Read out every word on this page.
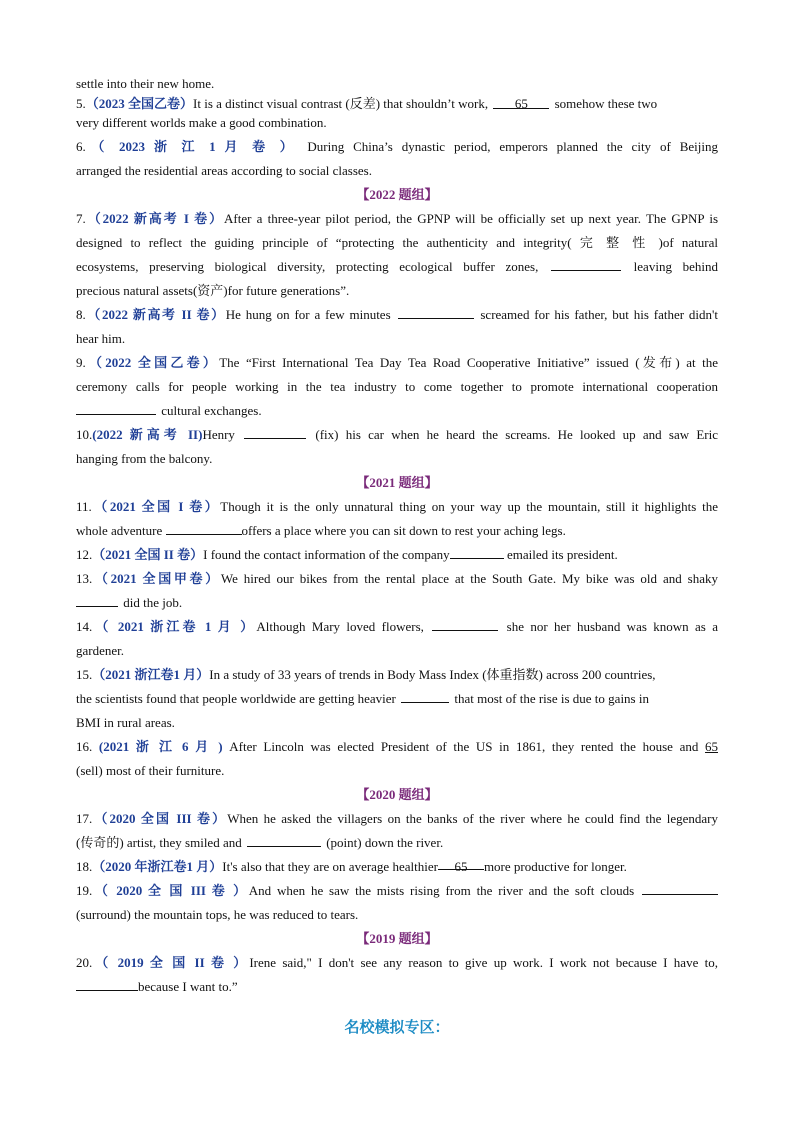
settle into their new home.
5.（2023 全国乙卷）It is a distinct visual contrast (反差) that shouldn’t work, 65 somehow these two
very different worlds make a good combination.
6.（ 2023 浙 江 1 月 卷 ） During China’s dynastic period, emperors planned the city of Beijing
arranged the residential areas according to social classes.
【2022 题组】
7.（2022 新高考 I 卷）After a three-year pilot period, the GPNP will be officially set up next year. The GPNP is
designed to reflect the guiding principle of “protecting the authenticity and integrity( 完 整 性 )of natural
ecosystems, preserving biological diversity, protecting ecological buffer zones,	leaving behind
precious natural assets(资产)for future generations”.
8.（2022 新高考 II 卷）He hung on for a few minutes	screamed for his father, but his father didn't
hear him.
9.（2022 全国乙卷）The “First International Tea Day Tea Road Cooperative Initiative” issued (发布) at the
ceremony calls for people working in the tea industry to come together to promote international cooperation
cultural exchanges.
10.(2022 新高考 II)Henry	(fix) his car when he heard the screams. He looked up and saw Eric
hanging from the balcony.
【2021 题组】
11.（2021 全国 I 卷）Though it is the only unnatural thing on your way up the mountain, still it highlights the
whole adventure	offers a place where you can sit down to rest your aching legs.
12.（2021 全国 II 卷）I found the contact information of the company	emailed its president.
13.（2021 全国甲卷）We hired our bikes from the rental place at the South Gate. My bike was old and shaky
did the job.
14.（ 2021 浙江卷 1 月 ）Although Mary loved flowers,	she nor her husband was known as a
gardener.
15.（2021 浙江卷1 月）In a study of 33 years of trends in Body Mass Index (体重指数) across 200 countries,
the scientists found that people worldwide are getting heavier	that most of the rise is due to gains in
BMI in rural areas.
16. (2021 浙 江 6 月 ) After Lincoln was elected President of the US in 1861, they rented the house and 65
(sell) most of their furniture.
【2020 题组】
17.（2020 全国 III 卷）When he asked the villagers on the banks of the river where he could find the legendary
(传奇的) artist, they smiled and	(point) down the river.
18.（2020 年浙江卷1 月）It's also that they are on average healthier 65 more productive for longer.
19.（ 2020 全 国 III 卷 ）And when he saw the mists rising from the river and the soft clouds
(surround) the mountain tops, he was reduced to tears.
【2019 题组】
20.（ 2019 全 国 II 卷 ）Irene said," I don't see any reason to give up work. I work not because I have to,
because I want to.”
名校模拟专区：
